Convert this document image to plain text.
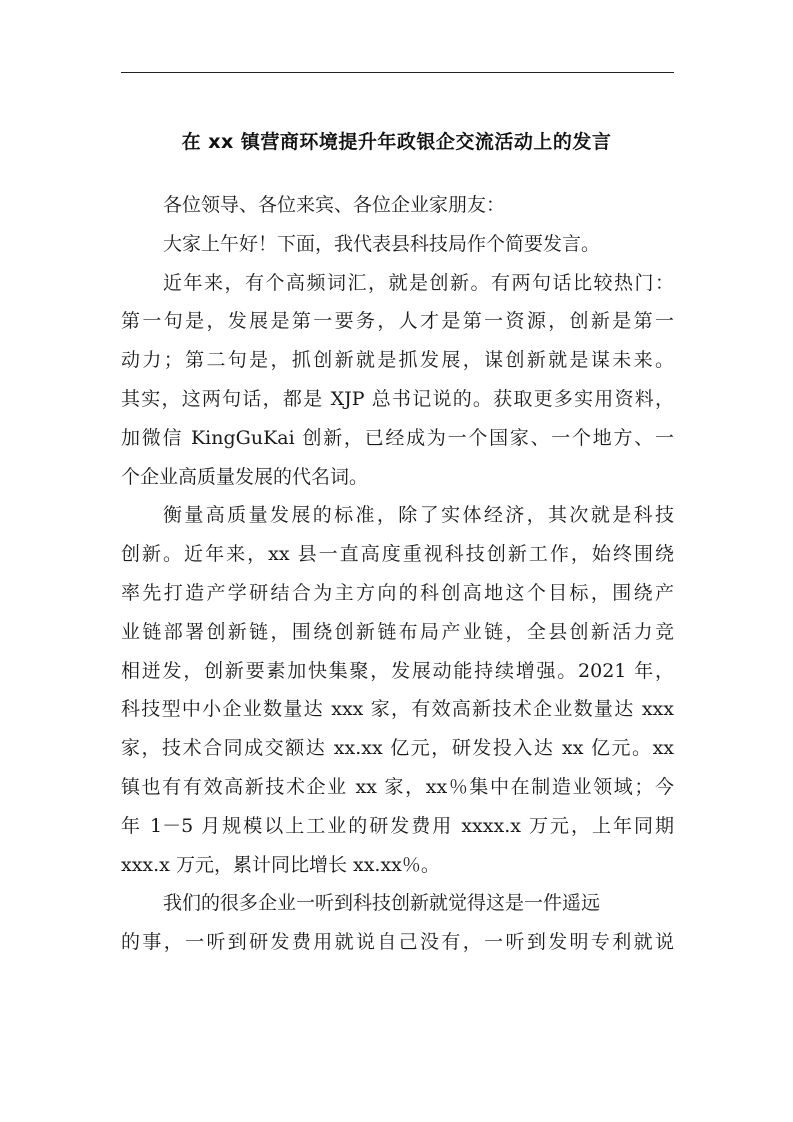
在 xx 镇营商环境提升年政银企交流活动上的发言
各位领导、各位来宾、各位企业家朋友：
大家上午好！下面，我代表县科技局作个简要发言。
近年来，有个高频词汇，就是创新。有两句话比较热门：
第一句是，发展是第一要务，人才是第一资源，创新是第一
动力；第二句是，抓创新就是抓发展，谋创新就是谋未来。
其实，这两句话，都是 XJP 总书记说的。获取更多实用资料，
加微信 KingGuKai 创新，已经成为一个国家、一个地方、一
个企业高质量发展的代名词。
衡量高质量发展的标准，除了实体经济，其次就是科技
创新。近年来，xx 县一直高度重视科技创新工作，始终围绕
率先打造产学研结合为主方向的科创高地这个目标，围绕产
业链部署创新链，围绕创新链布局产业链，全县创新活力竞
相迸发，创新要素加快集聚，发展动能持续增强。2021 年，
科技型中小企业数量达 xxx 家，有效高新技术企业数量达 xxx
家，技术合同成交额达 xx.xx 亿元，研发投入达 xx 亿元。xx
镇也有有效高新技术企业 xx 家，xx％集中在制造业领域；今
年 1－5 月规模以上工业的研发费用 xxxx.x 万元，上年同期
xxx.x 万元，累计同比增长 xx.xx％。
我们的很多企业一听到科技创新就觉得这是一件遥远
的事，一听到研发费用就说自己没有，一听到发明专利就说
